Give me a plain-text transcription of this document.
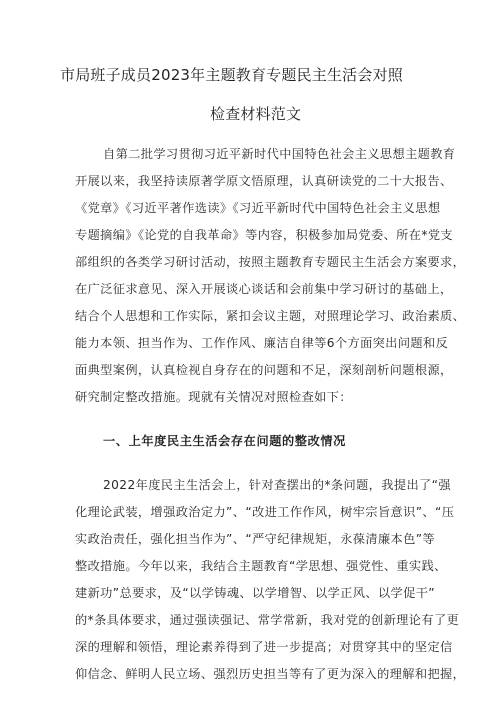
市局班子成员2023年主题教育专题民主生活会对照
检查材料范文
自第二批学习贯彻习近平新时代中国特色社会主义思想主题教育
开展以来，我坚持读原著学原文悟原理，认真研读党的二十大报告、
《党章》《习近平著作选读》《习近平新时代中国特色社会主义思想
专题摘编》《论党的自我革命》等内容，积极参加局党委、所在*党支
部组织的各类学习研讨活动，按照主题教育专题民主生活会方案要求，
在广泛征求意见、深入开展谈心谈话和会前集中学习研讨的基础上，
结合个人思想和工作实际，紧扣会议主题，对照理论学习、政治素质、
能力本领、担当作为、工作作风、廉洁自律等6个方面突出问题和反
面典型案例，认真检视自身存在的问题和不足，深刻剖析问题根源，
研究制定整改措施。现就有关情况对照检查如下：
一、上年度民主生活会存在问题的整改情况
2022年度民主生活会上，针对查摆出的*条问题，我提出了“强
化理论武装，增强政治定力”、“改进工作作风，树牢宗旨意识”、“压
实政治责任，强化担当作为”、“严守纪律规矩，永葆清廉本色”等
整改措施。今年以来，我结合主题教育“学思想、强党性、重实践、
建新功”总要求，及“以学铸魂、以学增智、以学正风、以学促干”
的*条具体要求，通过强读强记、常学常新，我对党的创新理论有了更
深的理解和领悟，理论素养得到了进一步提高；对贯穿其中的坚定信
仰信念、鲜明人民立场、强烈历史担当等有了更为深入的理解和把握，
